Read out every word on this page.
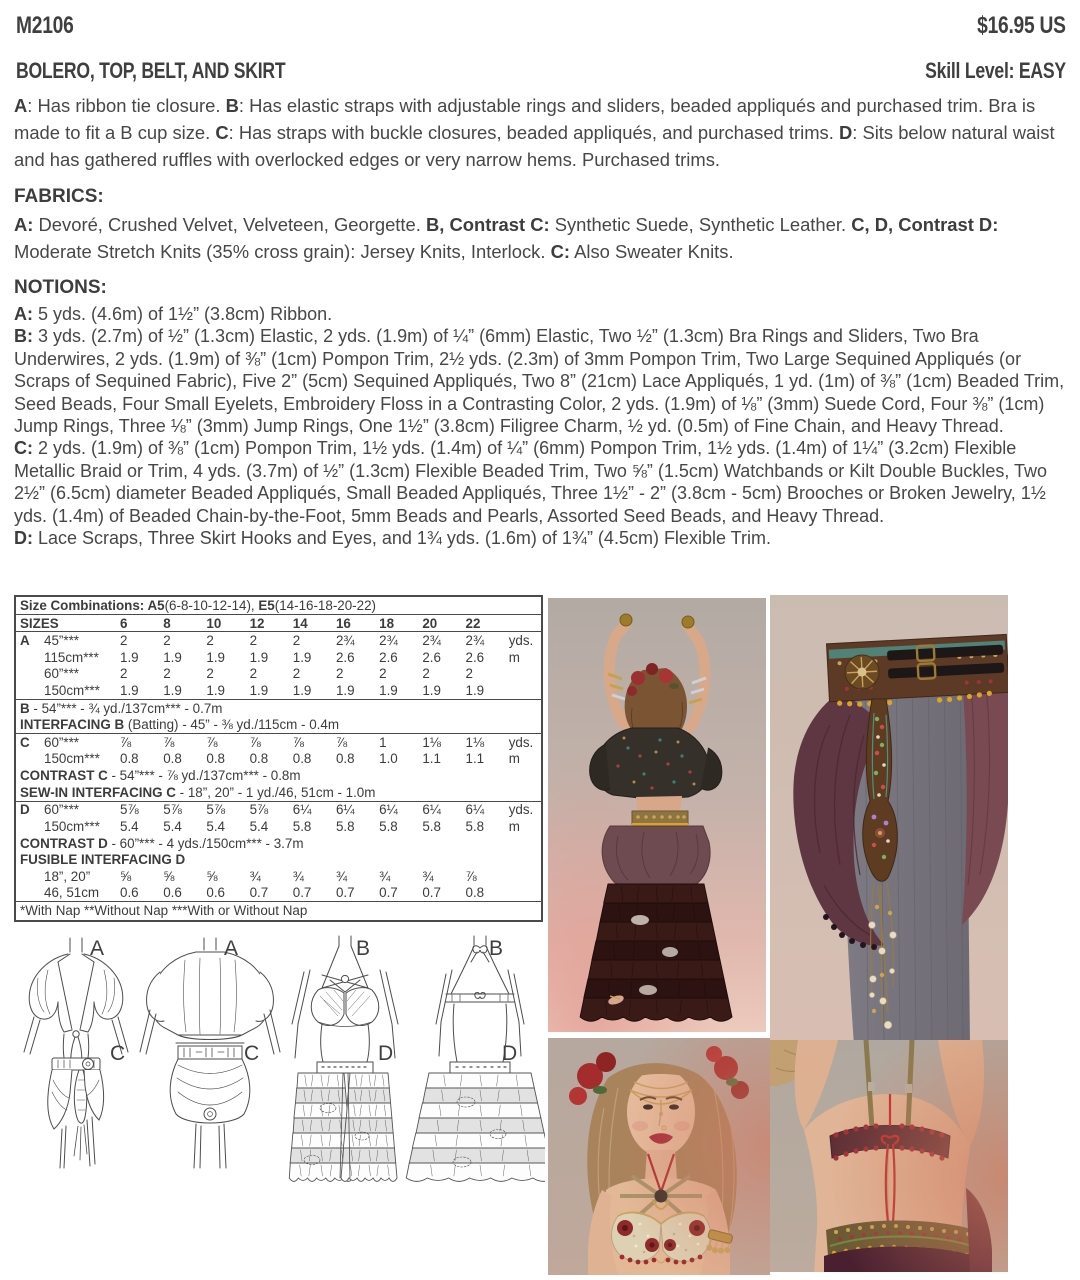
M2106	$16.95 US
BOLERO, TOP, BELT, AND SKIRT	Skill Level: EASY
A: Has ribbon tie closure. B: Has elastic straps with adjustable rings and sliders, beaded appliqués and purchased trim. Bra is made to fit a B cup size. C: Has straps with buckle closures, beaded appliqués, and purchased trims. D: Sits below natural waist and has gathered ruffles with overlocked edges or very narrow hems. Purchased trims.
FABRICS:
A: Devoré, Crushed Velvet, Velveteen, Georgette. B, Contrast C: Synthetic Suede, Synthetic Leather. C, D, Contrast D: Moderate Stretch Knits (35% cross grain): Jersey Knits, Interlock. C: Also Sweater Knits.
NOTIONS:

A: 5 yds. (4.6m) of 1½” (3.8cm) Ribbon.

B: 3 yds. (2.7m) of ½” (1.3cm) Elastic, 2 yds. (1.9m) of ¼” (6mm) Elastic, Two ½” (1.3cm) Bra Rings and Sliders, Two Bra Underwires, 2 yds. (1.9m) of ⅜” (1cm) Pompon Trim, 2½ yds. (2.3m) of 3mm Pompon Trim, Two Large Sequined Appliqués (or Scraps of Sequined Fabric), Five 2” (5cm) Sequined Appliqués, Two 8” (21cm) Lace Appliqués, 1 yd. (1m) of ⅜” (1cm) Beaded Trim, Seed Beads, Four Small Eyelets, Embroidery Floss in a Contrasting Color, 2 yds. (1.9m) of ⅛” (3mm) Suede Cord, Four ⅜” (1cm) Jump Rings, Three ⅛” (3mm) Jump Rings, One 1½” (3.8cm) Filigree Charm, ½ yd. (0.5m) of Fine Chain, and Heavy Thread.

C: 2 yds. (1.9m) of ⅜” (1cm) Pompon Trim, 1½ yds. (1.4m) of ¼” (6mm) Pompon Trim, 1½ yds. (1.4m) of 1¼” (3.2cm) Flexible Metallic Braid or Trim, 4 yds. (3.7m) of ½” (1.3cm) Flexible Beaded Trim, Two ⅝” (1.5cm) Watchbands or Kilt Double Buckles, Two 2½” (6.5cm) diameter Beaded Appliqués, Small Beaded Appliqués, Three 1½” - 2” (3.8cm - 5cm) Brooches or Broken Jewelry, 1½ yds. (1.4m) of Beaded Chain-by-the-Foot, 5mm Beads and Pearls, Assorted Seed Beads, and Heavy Thread.

D: Lace Scraps, Three Skirt Hooks and Eyes, and 1¾ yds. (1.6m) of 1¾” (4.5cm) Flexible Trim.

Size Combinations: A5(6-8-10-12-14), E5(14-16-18-20-22)
SIZES	6	8	10	12	14	16	18	20	22
A	45”***	2	2	2	2	2	2¾	2¾	2¾	2¾	yds.
115cm***	1.9	1.9	1.9	1.9	1.9	2.6	2.6	2.6	2.6	m
60”***	2	2	2	2	2	2	2	2	2
150cm***	1.9	1.9	1.9	1.9	1.9	1.9	1.9	1.9	1.9
B - 54”*** - ¾ yd./137cm*** - 0.7m
INTERFACING B (Batting) - 45” - ⅜ yd./115cm - 0.4m
C	60”***	⅞	⅞	⅞	⅞	⅞	⅞	1	1⅛	1⅛	yds.
150cm***	0.8	0.8	0.8	0.8	0.8	0.8	1.0	1.1	1.1	m
CONTRAST C - 54”*** - ⅞ yd./137cm*** - 0.8m
SEW-IN INTERFACING C - 18”, 20” - 1 yd./46, 51cm - 1.0m
D	60”***	5⅞	5⅞	5⅞	5⅞	6¼	6¼	6¼	6¼	6¼	yds.
150cm***	5.4	5.4	5.4	5.4	5.8	5.8	5.8	5.8	5.8	m
CONTRAST D - 60”*** - 4 yds./150cm*** - 3.7m
FUSIBLE INTERFACING D
18”, 20”	⅝	⅝	⅝	¾	¾	¾	¾	¾	⅞
46, 51cm	0.6	0.6	0.6	0.7	0.7	0.7	0.7	0.7	0.8
*With Nap **Without Nap ***With or Without Nap
A	A	B	B
C	C	D	D
